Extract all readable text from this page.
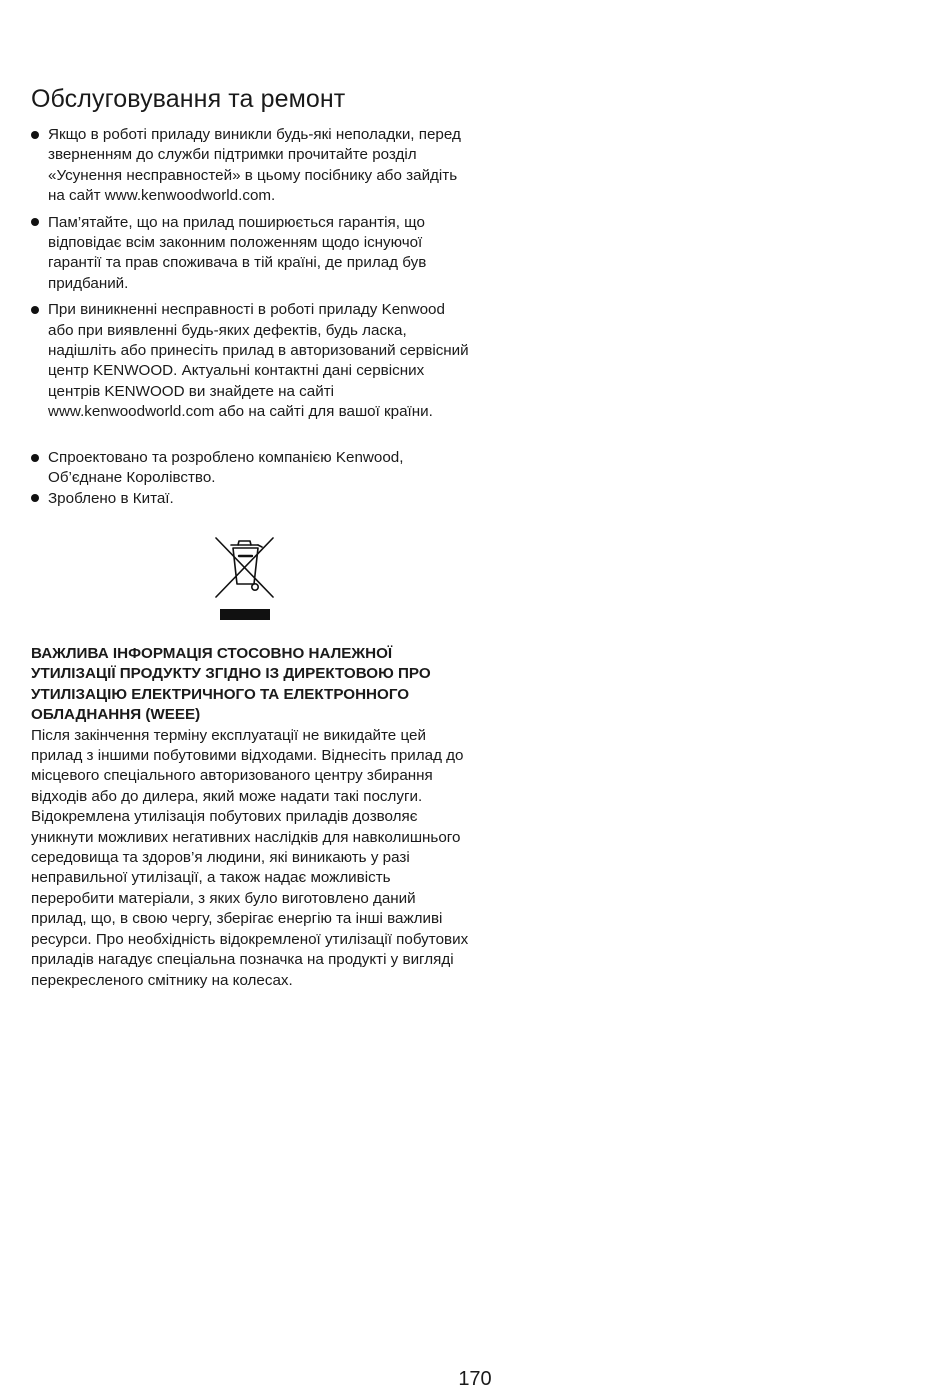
Обслуговування та ремонт
Якщо в роботі приладу виникли будь-які неполадки, перед зверненням до служби підтримки прочитайте розділ «Усунення несправностей» в цьому посібнику або зайдіть на сайт www.kenwoodworld.com.
Пам’ятайте, що на прилад поширюється гарантія, що відповідає всім законним положенням щодо існуючої гарантії та прав споживача в тій країні, де прилад був придбаний.
При виникненні несправності в роботі приладу Kenwood або при виявленні будь-яких дефектів, будь ласка, надішліть або принесіть прилад в авторизований сервісний центр KENWOOD. Актуальні контактні дані сервісних центрів KENWOOD ви знайдете на сайті www.kenwoodworld.com або на сайті для вашої країни.
Спроектовано та розроблено компанією Kenwood, Об’єднане Королівство.
Зроблено в Китаї.

ВАЖЛИВА ІНФОРМАЦІЯ СТОСОВНО НАЛЕЖНОЇ УТИЛІЗАЦІЇ ПРОДУКТУ ЗГІДНО ІЗ ДИРЕКТОВОЮ ПРО УТИЛІЗАЦІЮ ЕЛЕКТРИЧНОГО ТА ЕЛЕКТРОННОГО ОБЛАДНАННЯ (WEEE)

Після закінчення терміну експлуатації не викидайте цей прилад з іншими побутовими відходами. Віднесіть прилад до місцевого спеціального авторизованого центру збирання відходів або до дилера, який може надати такі послуги. Відокремлена утилізація побутових приладів дозволяє уникнути можливих негативних наслідків для навколишнього середовища та здоров’я людини, які виникають у разі неправильної утилізації, а також надає можливість переробити матеріали, з яких було виготовлено даний прилад, що, в свою чергу, зберігає енергію та інші важливі ресурси. Про необхідність відокремленої утилізації побутових приладів нагадує спеціальна позначка на продукті у вигляді перекресленого смітнику на колесах.

170
